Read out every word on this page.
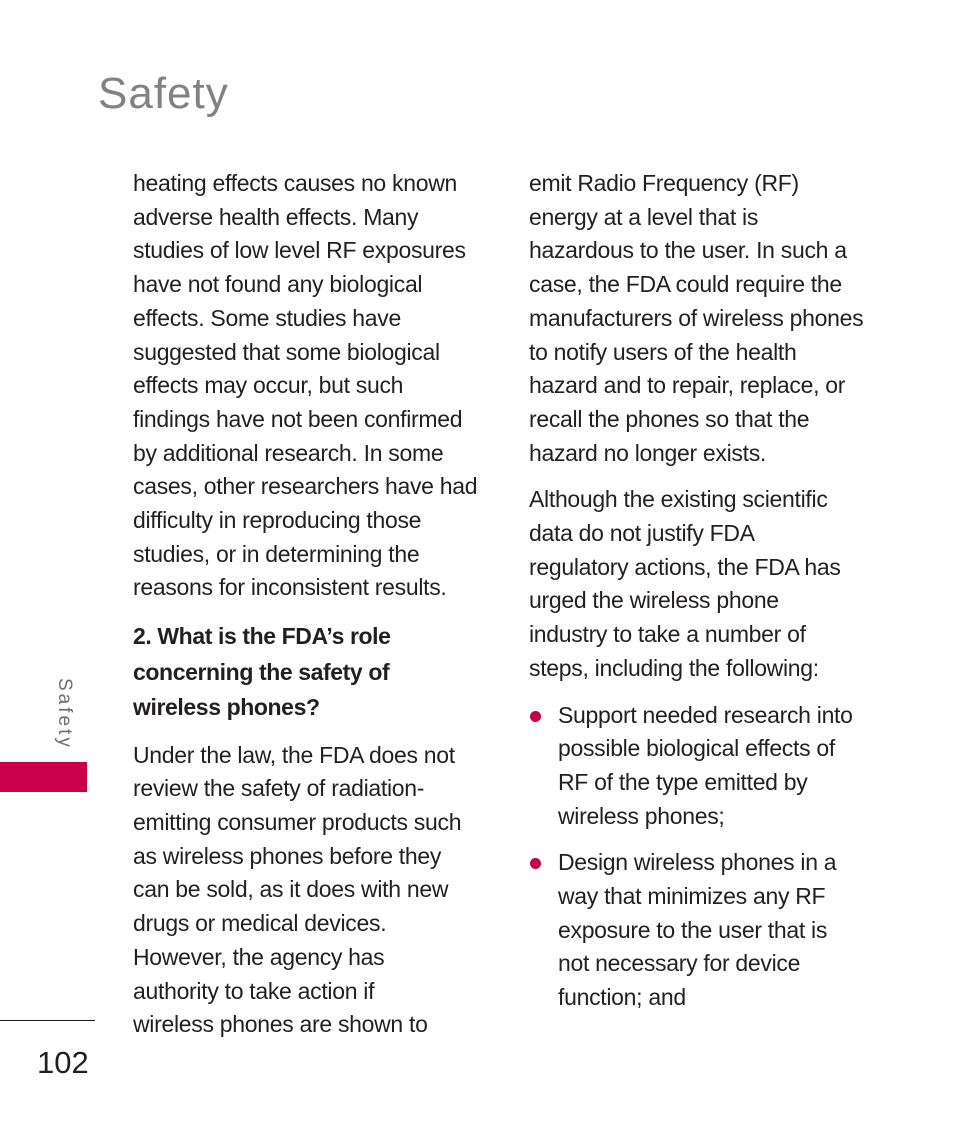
Safety

heating effects causes no known
adverse health effects. Many
studies of low level RF exposures
have not found any biological
effects. Some studies have
suggested that some biological
effects may occur, but such
findings have not been confirmed
by additional research. In some
cases, other researchers have had
difficulty in reproducing those
studies, or in determining the
reasons for inconsistent results.

2. What is the FDA’s role
concerning the safety of
wireless phones?

Under the law, the FDA does not
review the safety of radiation-
emitting consumer products such
as wireless phones before they
can be sold, as it does with new
drugs or medical devices.
However, the agency has
authority to take action if
wireless phones are shown to

emit Radio Frequency (RF)
energy at a level that is
hazardous to the user. In such a
case, the FDA could require the
manufacturers of wireless phones
to notify users of the health
hazard and to repair, replace, or
recall the phones so that the
hazard no longer exists.

Although the existing scientific
data do not justify FDA
regulatory actions, the FDA has
urged the wireless phone
industry to take a number of
steps, including the following:

Support needed research into
possible biological effects of
RF of the type emitted by
wireless phones;
Design wireless phones in a
way that minimizes any RF
exposure to the user that is
not necessary for device
function; and
Safety
102
